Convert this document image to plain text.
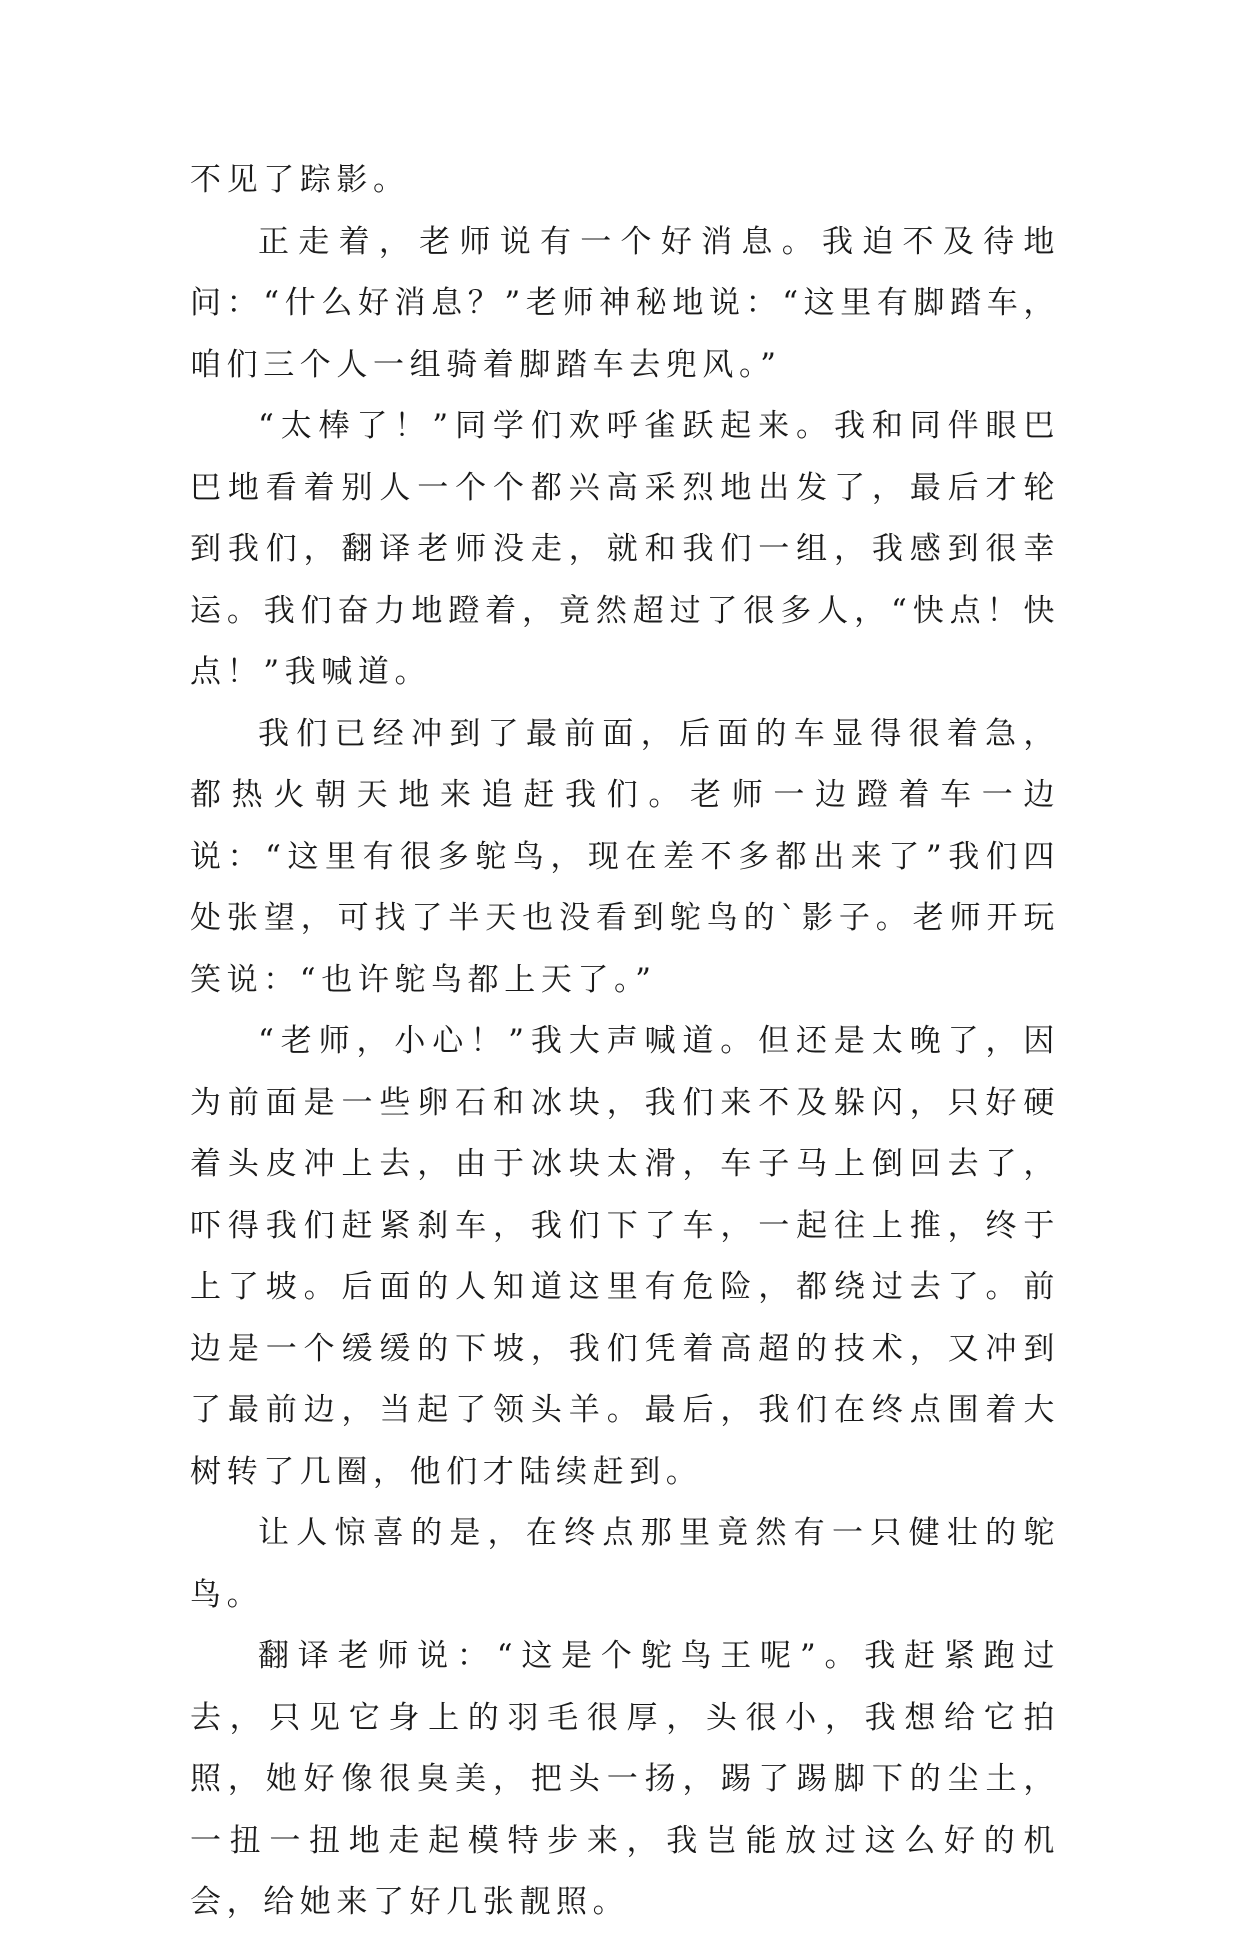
不见了踪影。

正走着，老师说有一个好消息。我迫不及待地问：“什么好消息？”老师神秘地说：“这里有脚踏车，咱们三个人一组骑着脚踏车去兜风。”

“太棒了！”同学们欢呼雀跃起来。我和同伴眼巴巴地看着别人一个个都兴高采烈地出发了，最后才轮到我们，翻译老师没走，就和我们一组，我感到很幸运。我们奋力地蹬着，竟然超过了很多人，“快点！快点！”我喊道。

我们已经冲到了最前面，后面的车显得很着急，都热火朝天地来追赶我们。老师一边蹬着车一边说：“这里有很多鸵鸟，现在差不多都出来了”我们四处张望，可找了半天也没看到鸵鸟的`影子。老师开玩笑说：“也许鸵鸟都上天了。”

“老师，小心！”我大声喊道。但还是太晚了，因为前面是一些卵石和冰块，我们来不及躲闪，只好硬着头皮冲上去，由于冰块太滑，车子马上倒回去了，吓得我们赶紧刹车，我们下了车，一起往上推，终于上了坡。后面的人知道这里有危险，都绕过去了。前边是一个缓缓的下坡，我们凭着高超的技术，又冲到了最前边，当起了领头羊。最后，我们在终点围着大树转了几圈，他们才陆续赶到。

让人惊喜的是，在终点那里竟然有一只健壮的鸵鸟。

翻译老师说：“这是个鸵鸟王呢”。我赶紧跑过去，只见它身上的羽毛很厚，头很小，我想给它拍照，她好像很臭美，把头一扬，踢了踢脚下的尘土，一扭一扭地走起模特步来，我岂能放过这么好的机会，给她来了好几张靓照。
